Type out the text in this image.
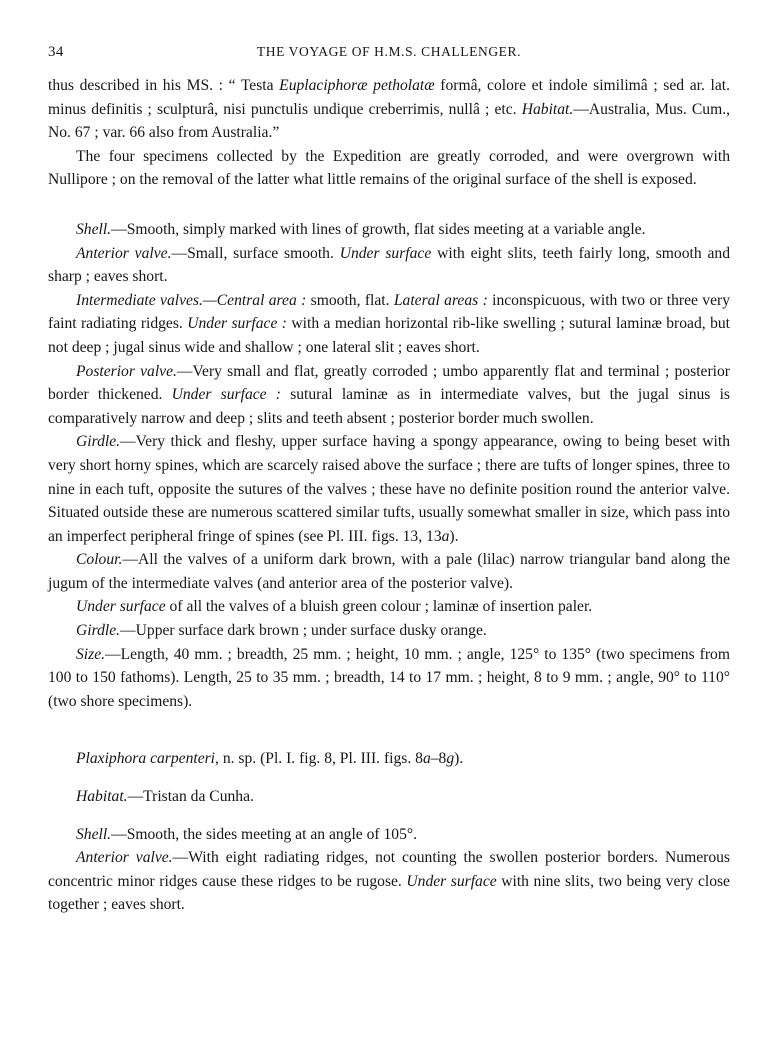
34	THE VOYAGE OF H.M.S. CHALLENGER.

thus described in his MS. : “ Testa Euplaciphoræ petholatæ formâ, colore et indole similimâ ; sed ar. lat. minus definitis ; sculpturâ, nisi punctulis undique creberrimis, nullâ ; etc. Habitat.—Australia, Mus. Cum., No. 67 ; var. 66 also from Australia.”

The four specimens collected by the Expedition are greatly corroded, and were overgrown with Nullipore ; on the removal of the latter what little remains of the original surface of the shell is exposed.

Shell.—Smooth, simply marked with lines of growth, flat sides meeting at a variable angle.

Anterior valve.—Small, surface smooth. Under surface with eight slits, teeth fairly long, smooth and sharp ; eaves short.

Intermediate valves.—Central area : smooth, flat. Lateral areas : inconspicuous, with two or three very faint radiating ridges. Under surface : with a median horizontal rib-like swelling ; sutural laminæ broad, but not deep ; jugal sinus wide and shallow ; one lateral slit ; eaves short.

Posterior valve.—Very small and flat, greatly corroded ; umbo apparently flat and terminal ; posterior border thickened. Under surface : sutural laminæ as in intermediate valves, but the jugal sinus is comparatively narrow and deep ; slits and teeth absent ; posterior border much swollen.

Girdle.—Very thick and fleshy, upper surface having a spongy appearance, owing to being beset with very short horny spines, which are scarcely raised above the surface ; there are tufts of longer spines, three to nine in each tuft, opposite the sutures of the valves ; these have no definite position round the anterior valve. Situated outside these are numerous scattered similar tufts, usually somewhat smaller in size, which pass into an imperfect peripheral fringe of spines (see Pl. III. figs. 13, 13a).

Colour.—All the valves of a uniform dark brown, with a pale (lilac) narrow triangular band along the jugum of the intermediate valves (and anterior area of the posterior valve).

Under surface of all the valves of a bluish green colour ; laminæ of insertion paler.

Girdle.—Upper surface dark brown ; under surface dusky orange.

Size.—Length, 40 mm. ; breadth, 25 mm. ; height, 10 mm. ; angle, 125° to 135° (two specimens from 100 to 150 fathoms). Length, 25 to 35 mm. ; breadth, 14 to 17 mm. ; height, 8 to 9 mm. ; angle, 90° to 110° (two shore specimens).

Plaxiphora carpenteri, n. sp. (Pl. I. fig. 8, Pl. III. figs. 8a–8g).

Habitat.—Tristan da Cunha.

Shell.—Smooth, the sides meeting at an angle of 105°.

Anterior valve.—With eight radiating ridges, not counting the swollen posterior borders. Numerous concentric minor ridges cause these ridges to be rugose. Under surface with nine slits, two being very close together ; eaves short.
